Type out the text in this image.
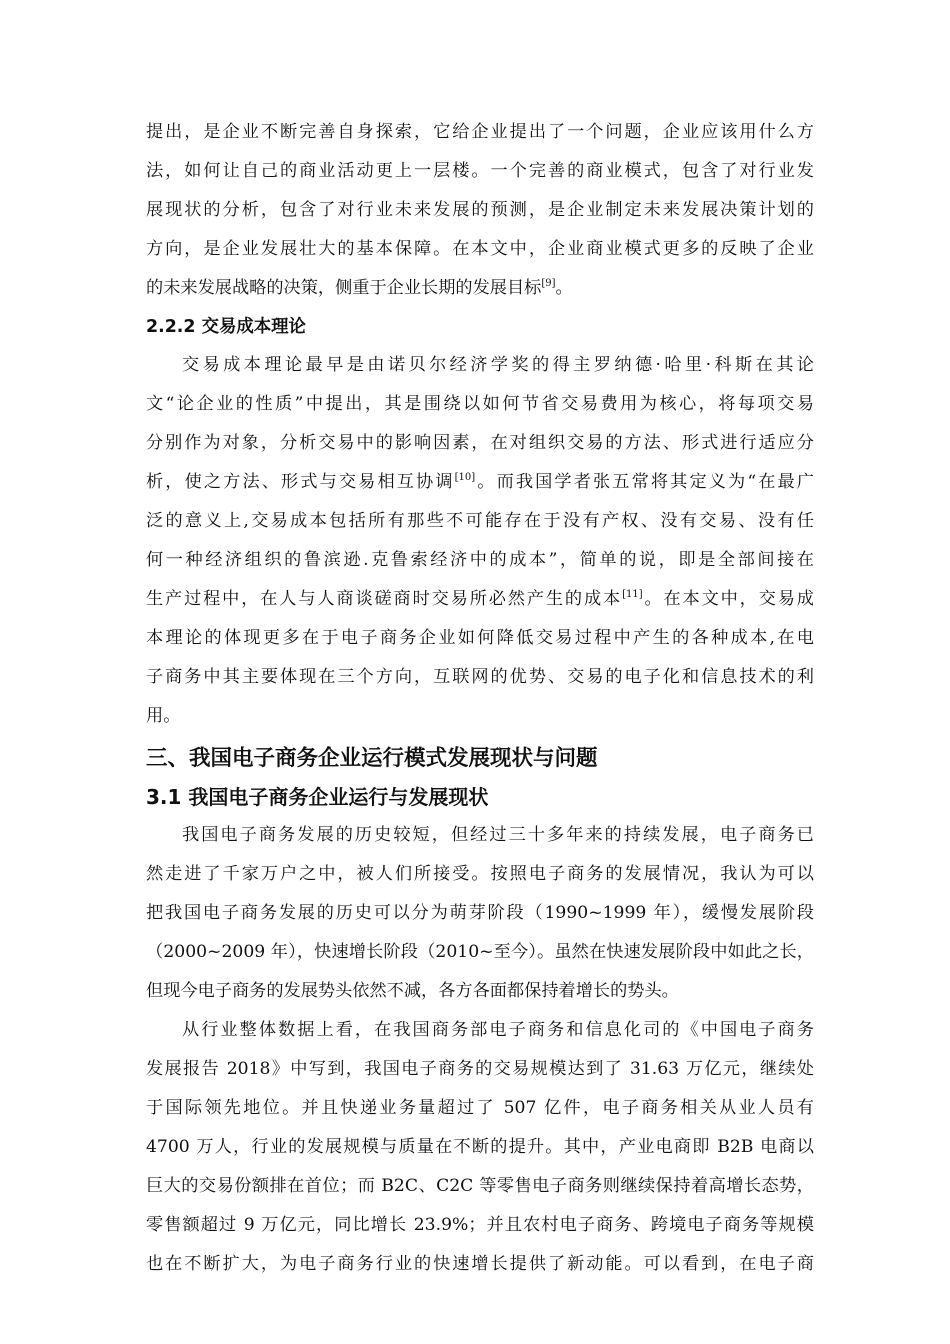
提出，是企业不断完善自身探索，它给企业提出了一个问题，企业应该用什么方
法，如何让自己的商业活动更上一层楼。一个完善的商业模式，包含了对行业发
展现状的分析，包含了对行业未来发展的预测，是企业制定未来发展决策计划的
方向，是企业发展壮大的基本保障。在本文中，企业商业模式更多的反映了企业
的未来发展战略的决策，侧重于企业长期的发展目标[9]。
2.2.2 交易成本理论
交易成本理论最早是由诺贝尔经济学奖的得主罗纳德·哈里·科斯在其论
文“论企业的性质”中提出，其是围绕以如何节省交易费用为核心，将每项交易
分别作为对象，分析交易中的影响因素，在对组织交易的方法、形式进行适应分
析，使之方法、形式与交易相互协调[10]。而我国学者张五常将其定义为“在最广
泛的意义上,交易成本包括所有那些不可能存在于没有产权、没有交易、没有任
何一种经济组织的鲁滨逊.克鲁索经济中的成本”，简单的说，即是全部间接在
生产过程中，在人与人商谈磋商时交易所必然产生的成本[11]。在本文中，交易成
本理论的体现更多在于电子商务企业如何降低交易过程中产生的各种成本,在电
子商务中其主要体现在三个方向，互联网的优势、交易的电子化和信息技术的利
用。
三、我国电子商务企业运行模式发展现状与问题
3.1 我国电子商务企业运行与发展现状
我国电子商务发展的历史较短，但经过三十多年来的持续发展，电子商务已
然走进了千家万户之中，被人们所接受。按照电子商务的发展情况，我认为可以
把我国电子商务发展的历史可以分为萌芽阶段（1990~1999 年），缓慢发展阶段
（2000~2009 年），快速增长阶段（2010~至今）。虽然在快速发展阶段中如此之长，
但现今电子商务的发展势头依然不减，各方各面都保持着增长的势头。
从行业整体数据上看，在我国商务部电子商务和信息化司的《中国电子商务
发展报告 2018》中写到，我国电子商务的交易规模达到了 31.63 万亿元，继续处
于国际领先地位。并且快递业务量超过了 507 亿件，电子商务相关从业人员有
4700 万人，行业的发展规模与质量在不断的提升。其中，产业电商即 B2B 电商以
巨大的交易份额排在首位；而 B2C、C2C 等零售电子商务则继续保持着高增长态势，
零售额超过 9 万亿元，同比增长 23.9%；并且农村电子商务、跨境电子商务等规模
也在不断扩大，为电子商务行业的快速增长提供了新动能。可以看到，在电子商
